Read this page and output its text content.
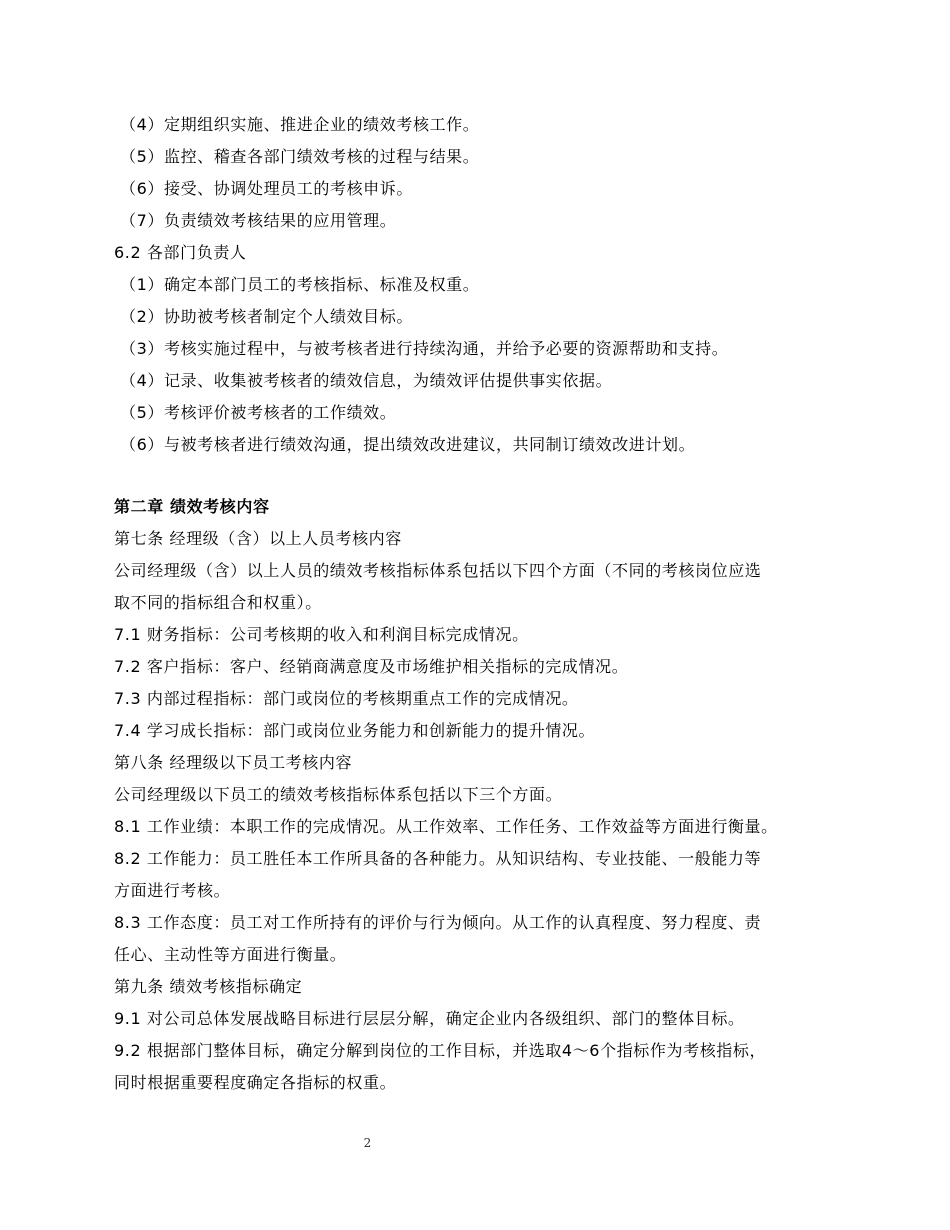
（4）定期组织实施、推进企业的绩效考核工作。
（5）监控、稽查各部门绩效考核的过程与结果。
（6）接受、协调处理员工的考核申诉。
（7）负责绩效考核结果的应用管理。
6.2 各部门负责人
（1）确定本部门员工的考核指标、标准及权重。
（2）协助被考核者制定个人绩效目标。
（3）考核实施过程中，与被考核者进行持续沟通，并给予必要的资源帮助和支持。
（4）记录、收集被考核者的绩效信息，为绩效评估提供事实依据。
（5）考核评价被考核者的工作绩效。
（6）与被考核者进行绩效沟通，提出绩效改进建议，共同制订绩效改进计划。
第二章 绩效考核内容
第七条 经理级（含）以上人员考核内容
公司经理级（含）以上人员的绩效考核指标体系包括以下四个方面（不同的考核岗位应选
取不同的指标组合和权重）。
7.1 财务指标：公司考核期的收入和利润目标完成情况。
7.2 客户指标：客户、经销商满意度及市场维护相关指标的完成情况。
7.3 内部过程指标：部门或岗位的考核期重点工作的完成情况。
7.4 学习成长指标：部门或岗位业务能力和创新能力的提升情况。
第八条 经理级以下员工考核内容
公司经理级以下员工的绩效考核指标体系包括以下三个方面。
8.1 工作业绩：本职工作的完成情况。从工作效率、工作任务、工作效益等方面进行衡量。
8.2 工作能力：员工胜任本工作所具备的各种能力。从知识结构、专业技能、一般能力等
方面进行考核。
8.3 工作态度：员工对工作所持有的评价与行为倾向。从工作的认真程度、努力程度、责
任心、主动性等方面进行衡量。
第九条 绩效考核指标确定
9.1 对公司总体发展战略目标进行层层分解，确定企业内各级组织、部门的整体目标。
9.2 根据部门整体目标，确定分解到岗位的工作目标，并选取4～6个指标作为考核指标，
同时根据重要程度确定各指标的权重。
2
